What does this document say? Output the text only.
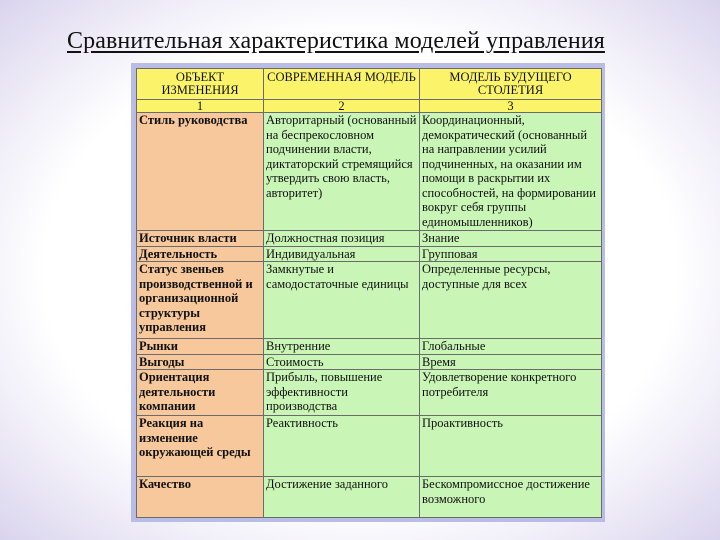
Сравнительная характеристика моделей управления
ОБЪЕКТ ИЗМЕНЕНИЯ	СОВРЕМЕННАЯ МОДЕЛЬ	МОДЕЛЬ БУДУЩЕГО СТОЛЕТИЯ
1	2	3
Стиль руководства	Авторитарный (основанный на беспрекословном подчинении власти, диктаторский стремящийся утвердить свою власть, авторитет)	Координационный, демократический (основанный на направлении усилий подчиненных, на оказании им помощи в раскрытии их способностей, на формировании вокруг себя группы единомышленников)
Источник власти	Должностная позиция	Знание
Деятельность	Индивидуальная	Групповая
Статус звеньев производственной и организационной структуры управления	Замкнутые и самодостаточные единицы	Определенные ресурсы, доступные для всех
Рынки	Внутренние	Глобальные
Выгоды	Стоимость	Время
Ориентация деятельности компании	Прибыль, повышение эффективности производства	Удовлетворение конкретного потребителя
Реакция на изменение окружающей среды	Реактивность	Проактивность
Качество	Достижение заданного	Бескомпромиссное достижение возможного
